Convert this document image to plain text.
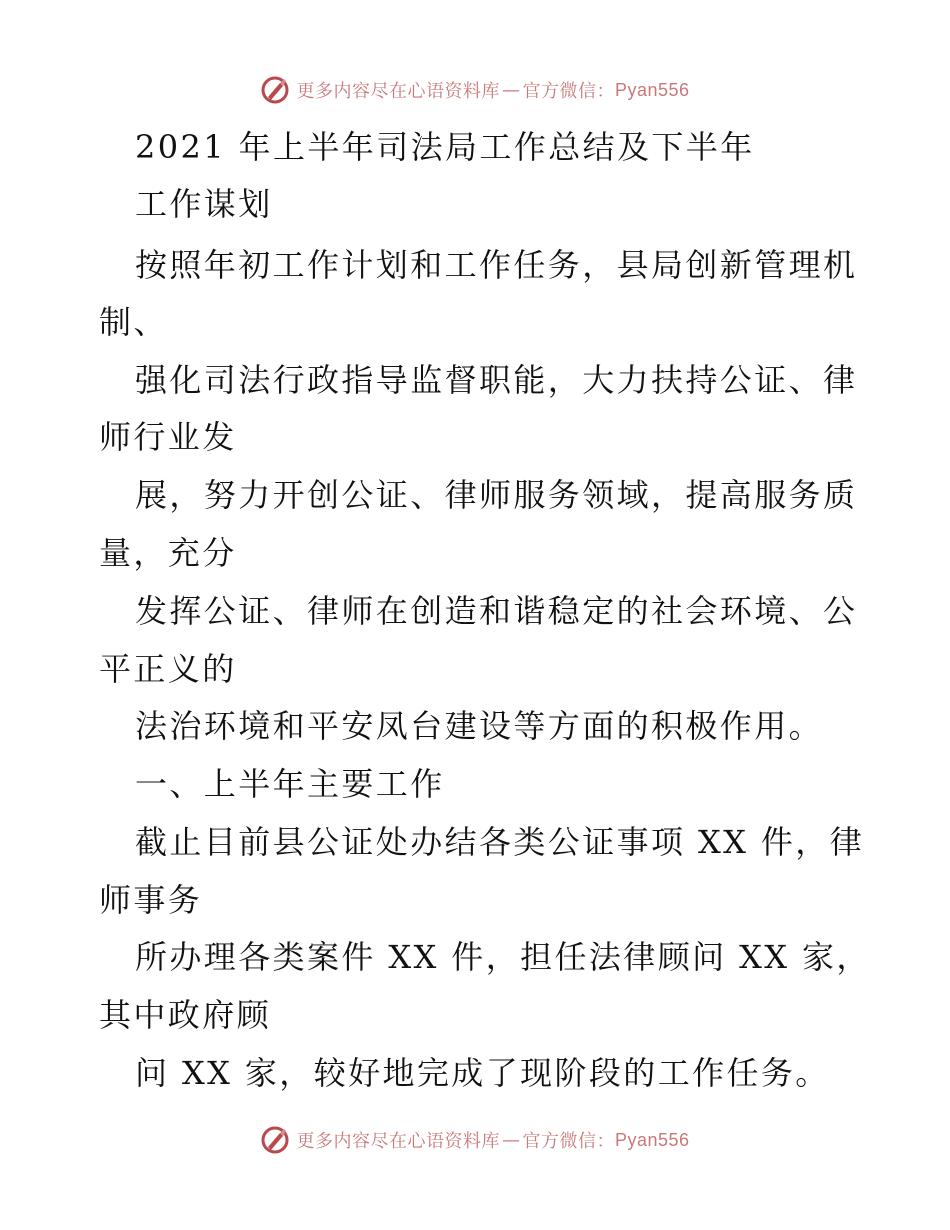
更多内容尽在心语资料库 — 官方微信： Pyan556
2021 年上半年司法局工作总结及下半年
工作谋划
按照年初工作计划和工作任务，县局创新管理机
制、
强化司法行政指导监督职能，大力扶持公证、律
师行业发
展，努力开创公证、律师服务领域，提高服务质
量，充分
发挥公证、律师在创造和谐稳定的社会环境、公
平正义的
法治环境和平安凤台建设等方面的积极作用。
一、上半年主要工作
截止目前县公证处办结各类公证事项 XX 件，律
师事务
所办理各类案件 XX 件，担任法律顾问 XX 家，
其中政府顾
问 XX 家，较好地完成了现阶段的工作任务。
更多内容尽在心语资料库 — 官方微信： Pyan556
